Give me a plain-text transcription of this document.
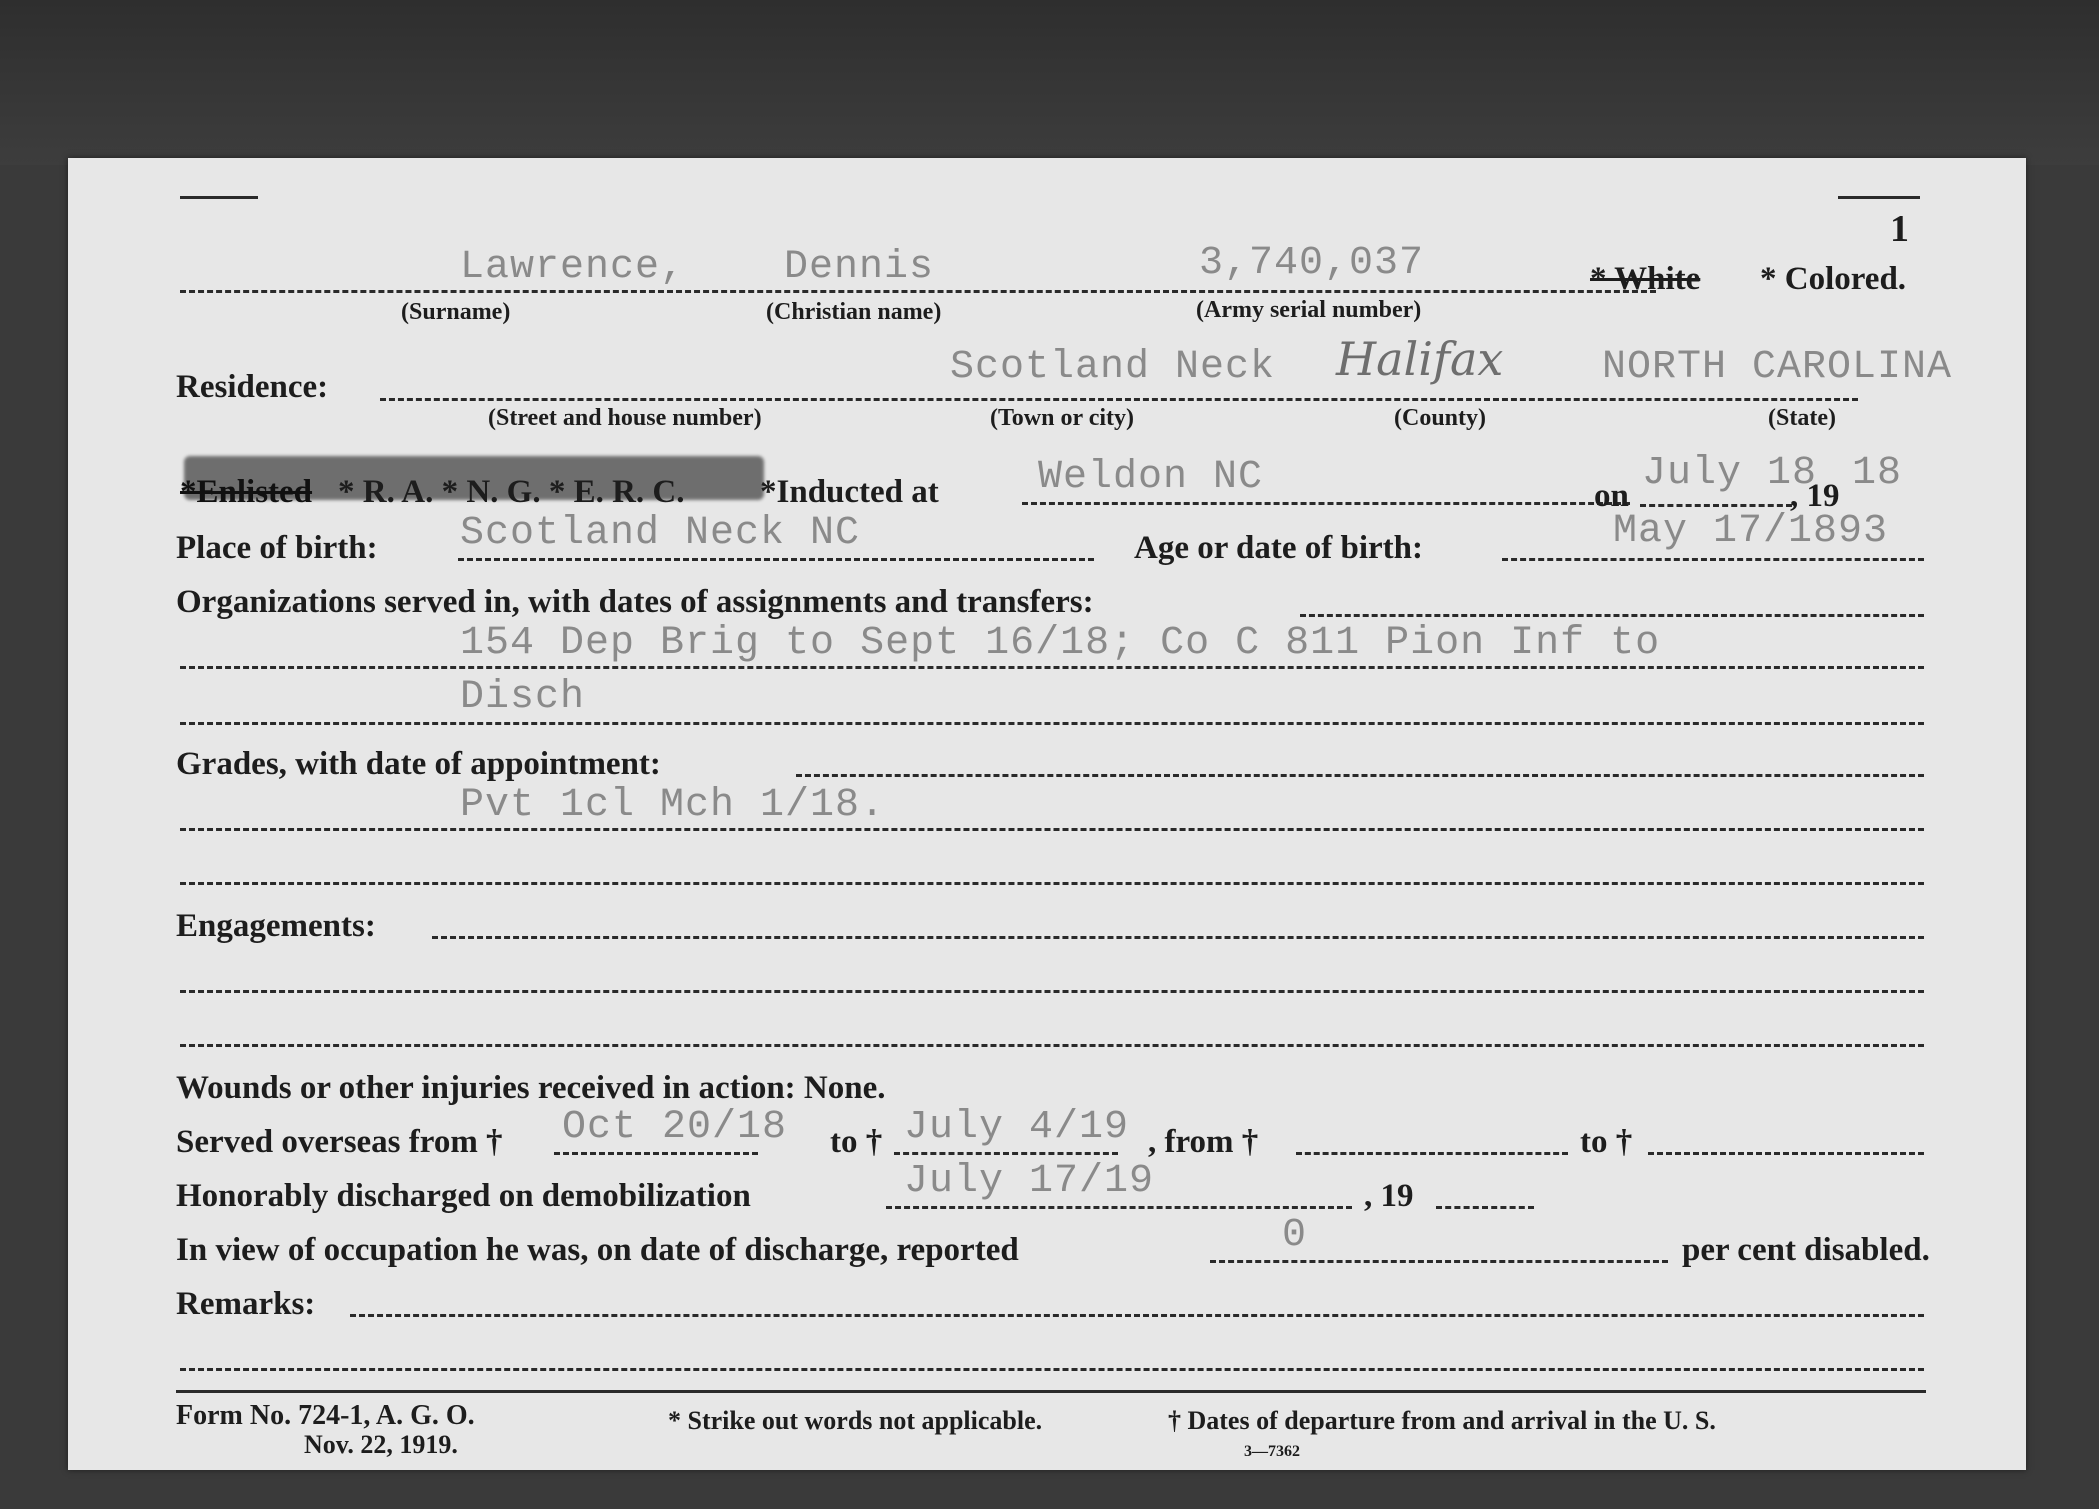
1
Lawrence, Dennis	3,740,037	* White * Colored.
(Surname)	(Christian name)	(Army serial number)
Residence:	Scotland Neck Halifax NORTH CAROLINA
(Street and house number)	(Town or city)	(County)	(State)
*Enlisted * R. A. * N. G. * E. R. C. *Inducted at Weldon NC	on July 18
, 19 18
Place of birth: Scotland Neck NC	Age or date of birth:	May 17/1893
Organizations served in, with dates of assignments and transfers:
154 Dep Brig to Sept 16/18; Co C 811 Pion Inf to
Disch
Grades, with date of appointment:
Pvt 1cl Mch 1/18.
Engagements:
Wounds or other injuries received in action: None.
Served overseas from † Oct 20/18 to † July 4/19 , from †	to †
Honorably discharged on demobilization	July 17/19	, 19
In view of occupation he was, on date of discharge, reported	0	per cent disabled.
Remarks:
Form No. 724-1, A. G. O.
Nov. 22, 1919.
* Strike out words not applicable.	† Dates of departure from and arrival in the U. S.
3—7362
